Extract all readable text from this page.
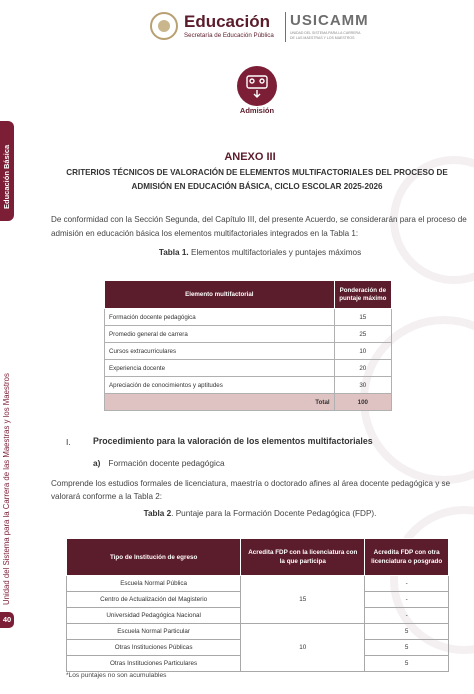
Educación
Secretaría de Educación Pública
USICAMM
UNIDAD DEL SISTEMA PARA LA CARRERA DE LAS MAESTRAS Y LOS MAESTROS
Admisión
Educación Básica
Unidad del Sistema para la Carrera de las Maestras y los Maestros
40
ANEXO III
CRITERIOS TÉCNICOS DE VALORACIÓN DE ELEMENTOS MULTIFACTORIALES DEL PROCESO DE
ADMISIÓN EN EDUCACIÓN BÁSICA, CICLO ESCOLAR 2025-2026
De conformidad con la Sección Segunda, del Capítulo III, del presente Acuerdo, se considerarán para el proceso de admisión en educación básica los elementos multifactoriales integrados en la Tabla 1:
Tabla 1. Elementos multifactoriales y puntajes máximos
Elemento multifactorial	Ponderación de puntaje máximo
Formación docente pedagógica	15
Promedio general de carrera	25
Cursos extracurriculares	10
Experiencia docente	20
Apreciación de conocimientos y aptitudes	30
Total	100
I.	Procedimiento para la valoración de los elementos multifactoriales
a) Formación docente pedagógica
Comprende los estudios formales de licenciatura, maestría o doctorado afines al área docente pedagógica y se valorará conforme a la Tabla 2:
Tabla 2. Puntaje para la Formación Docente Pedagógica (FDP).
Tipo de Institución de egreso	Acredita FDP con la licenciatura con la que participa	Acredita FDP con otra licenciatura o posgrado
Escuela Normal Pública	15	-
Centro de Actualización del Magisterio		-
Universidad Pedagógica Nacional		-
Escuela Normal Particular	10	5
Otras Instituciones Públicas		5
Otras Instituciones Particulares		5
*Los puntajes no son acumulables
